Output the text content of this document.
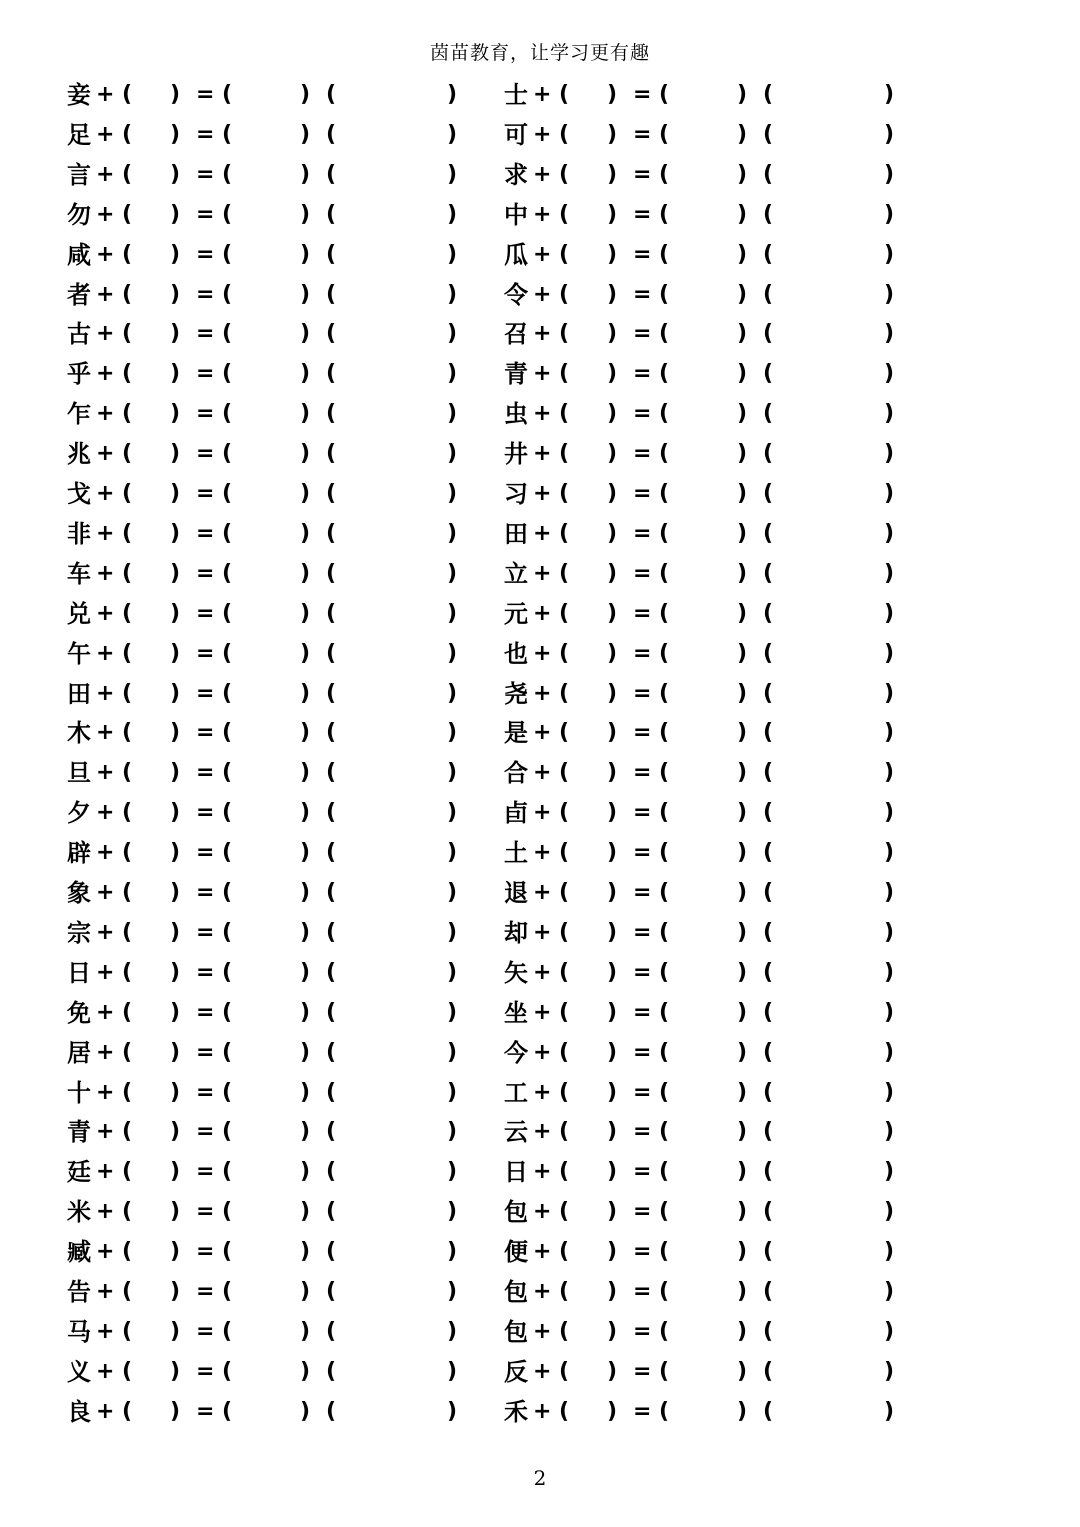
茵苗教育，让学习更有趣
妾 + ( ) = (	) (	) 士 + ( ) = (	) (	)
足 + ( ) = (	) (	) 可 + ( ) = (	) (	)
言 + ( ) = (	) (	) 求 + ( ) = (	) (	)
勿 + ( ) = (	) (	) 中 + ( ) = (	) (	)
咸 + ( ) = (	) (	) 瓜 + ( ) = (	) (	)
者 + ( ) = (	) (	) 令 + ( ) = (	) (	)
古 + ( ) = (	) (	) 召 + ( ) = (	) (	)
乎 + ( ) = (	) (	) 青 + ( ) = (	) (	)
乍 + ( ) = (	) (	) 虫 + ( ) = (	) (	)
兆 + ( ) = (	) (	) 井 + ( ) = (	) (	)
戈 + ( ) = (	) (	) 习 + ( ) = (	) (	)
非 + ( ) = (	) (	) 田 + ( ) = (	) (	)
车 + ( ) = (	) (	) 立 + ( ) = (	) (	)
兑 + ( ) = (	) (	) 元 + ( ) = (	) (	)
午 + ( ) = (	) (	) 也 + ( ) = (	) (	)
田 + ( ) = (	) (	) 尧 + ( ) = (	) (	)
木 + ( ) = (	) (	) 是 + ( ) = (	) (	)
旦 + ( ) = (	) (	) 合 + ( ) = (	) (	)
夕 + ( ) = (	) (	) 卣 + ( ) = (	) (	)
辟 + ( ) = (	) (	) 土 + ( ) = (	) (	)
象 + ( ) = (	) (	) 退 + ( ) = (	) (	)
宗 + ( ) = (	) (	) 却 + ( ) = (	) (	)
日 + ( ) = (	) (	) 矢 + ( ) = (	) (	)
免 + ( ) = (	) (	) 坐 + ( ) = (	) (	)
居 + ( ) = (	) (	) 今 + ( ) = (	) (	)
十 + ( ) = (	) (	) 工 + ( ) = (	) (	)
青 + ( ) = (	) (	) 云 + ( ) = (	) (	)
廷 + ( ) = (	) (	) 日 + ( ) = (	) (	)
米 + ( ) = (	) (	) 包 + ( ) = (	) (	)
臧 + ( ) = (	) (	) 便 + ( ) = (	) (	)
告 + ( ) = (	) (	) 包 + ( ) = (	) (	)
马 + ( ) = (	) (	) 包 + ( ) = (	) (	)
义 + ( ) = (	) (	) 反 + ( ) = (	) (	)
良 + ( ) = (	) (	) 禾 + ( ) = (	) (	)
2
